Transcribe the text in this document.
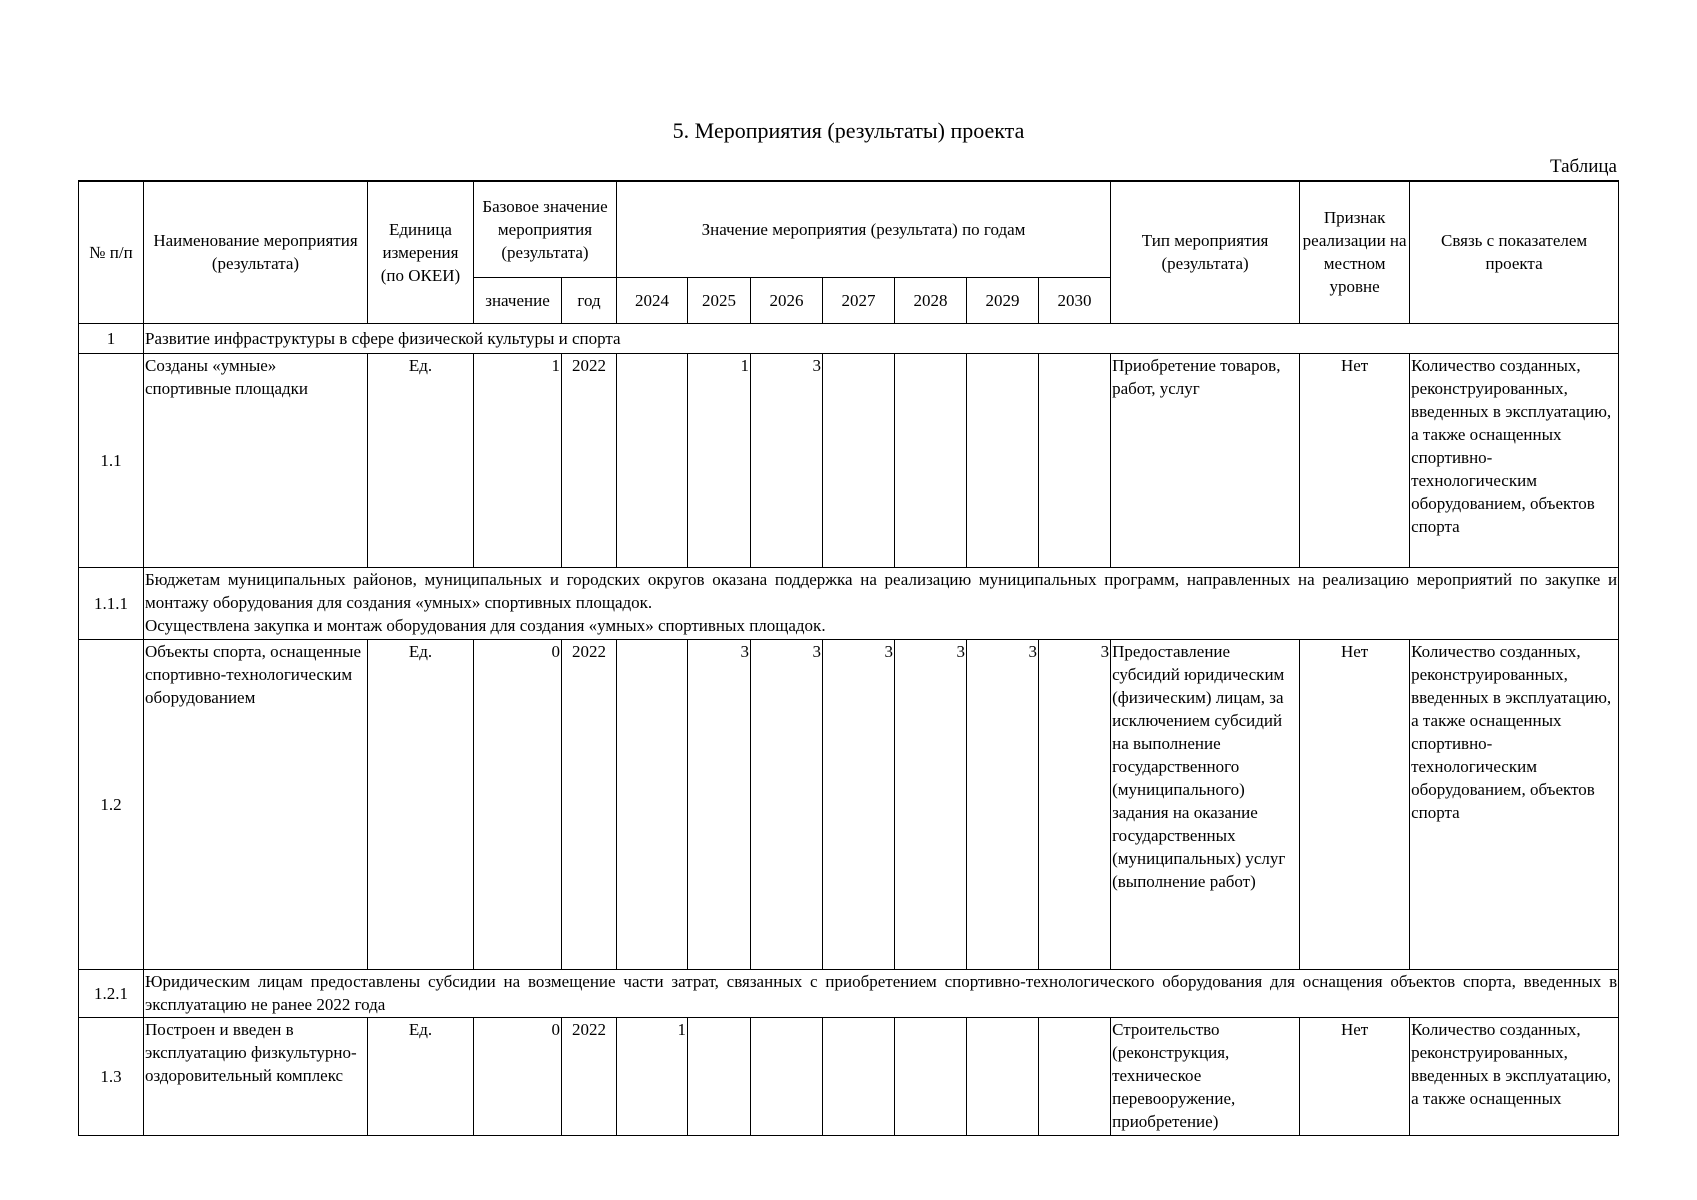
5. Мероприятия (результаты) проекта
Таблица
№ п/п	Наименование мероприятия (результата)	Единица измерения (по ОКЕИ)	Базовое значение мероприятия (результата)		Значение мероприятия (результата) по годам							Тип мероприятия (результата)	Признак реализации на местном уровне	Связь с показателем проекта
			значение	год	2024	2025	2026	2027	2028	2029	2030			
1	Развитие инфраструктуры в сфере физической культуры и спорта													
1.1	Созданы «умные» спортивные площадки	Ед.	1	2022		1	3					Приобретение товаров, работ, услуг	Нет	Количество созданных, реконструированных, введенных в эксплуатацию, а также оснащенных спортивно-технологическим оборудованием, объектов спорта
1.1.1	Бюджетам муниципальных районов, муниципальных и городских округов оказана поддержка на реализацию муниципальных программ, направленных на реализацию мероприятий по закупке и монтажу оборудования для создания «умных» спортивных площадок.
Осуществлена закупка и монтаж оборудования для создания «умных» спортивных площадок.													

1.2	Объекты спорта, оснащенные спортивно-технологическим оборудованием	Ед.	0	2022		3	3	3	3	3	3	Предоставление субсидий юридическим (физическим) лицам, за исключением субсидий на выполнение государственного (муниципального) задания на оказание государственных (муниципальных) услуг (выполнение работ)	Нет	Количество созданных, реконструированных, введенных в эксплуатацию, а также оснащенных спортивно-технологическим оборудованием, объектов спорта
1.2.1	Юридическим лицам предоставлены субсидии на возмещение части затрат, связанных с приобретением спортивно-технологического оборудования для оснащения объектов спорта, введенных в эксплуатацию не ранее 2022 года													

1.3	Построен и введен в эксплуатацию физкультурно-оздоровительный комплекс	Ед.	0	2022	1							Строительство (реконструкция, техническое перевооружение, приобретение)	Нет	Количество созданных, реконструированных, введенных в эксплуатацию, а также оснащенных
